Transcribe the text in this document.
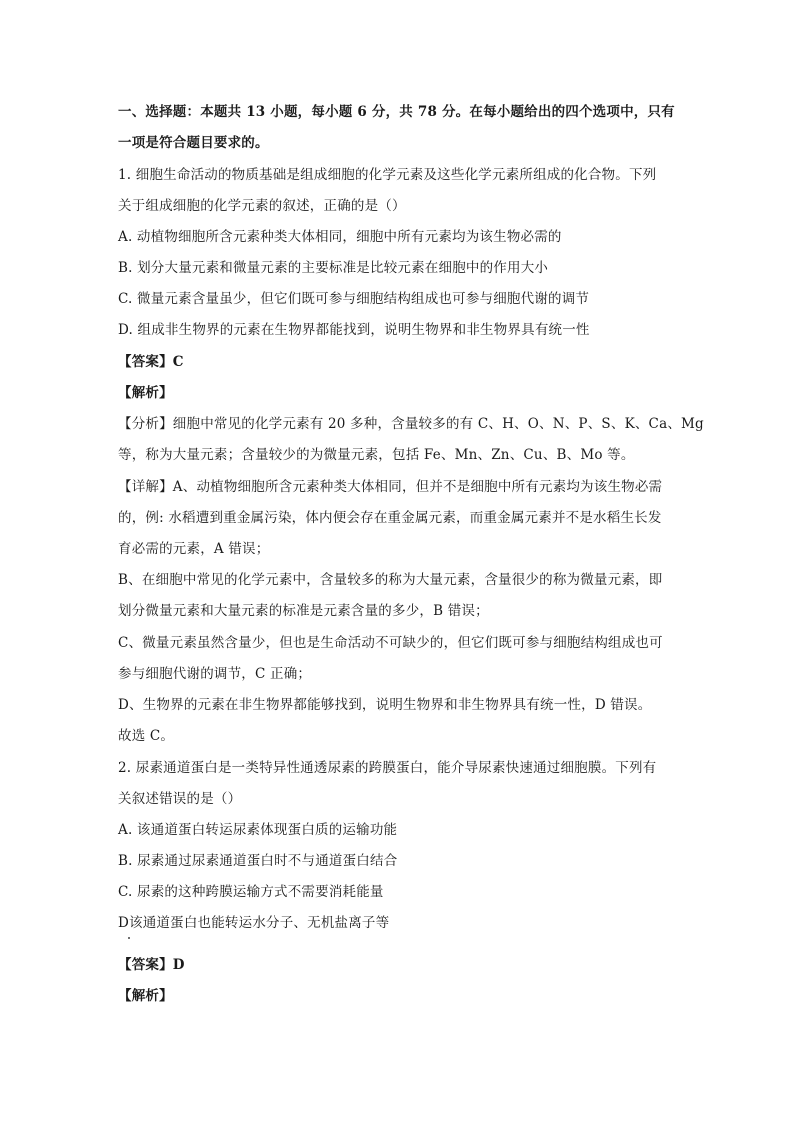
一、选择题：本题共 13 小题，每小题 6 分，共 78 分。在每小题给出的四个选项中，只有
一项是符合题目要求的。
1. 细胞生命活动的物质基础是组成细胞的化学元素及这些化学元素所组成的化合物。下列
关于组成细胞的化学元素的叙述，正确的是（）
A. 动植物细胞所含元素种类大体相同，细胞中所有元素均为该生物必需的
B. 划分大量元素和微量元素的主要标准是比较元素在细胞中的作用大小
C. 微量元素含量虽少，但它们既可参与细胞结构组成也可参与细胞代谢的调节
D. 组成非生物界的元素在生物界都能找到，说明生物界和非生物界具有统一性
【答案】C
【解析】
【分析】细胞中常见的化学元素有 20 多种，含量较多的有 C、H、O、N、P、S、K、Ca、Mg
等，称为大量元素；含量较少的为微量元素，包括 Fe、Mn、Zn、Cu、B、Mo 等。
【详解】A、动植物细胞所含元素种类大体相同，但并不是细胞中所有元素均为该生物必需
的，例: 水稻遭到重金属污染，体内便会存在重金属元素，而重金属元素并不是水稻生长发
育必需的元素，A 错误；
B、在细胞中常见的化学元素中，含量较多的称为大量元素，含量很少的称为微量元素，即
划分微量元素和大量元素的标准是元素含量的多少，B 错误；
C、微量元素虽然含量少，但也是生命活动不可缺少的，但它们既可参与细胞结构组成也可
参与细胞代谢的调节，C 正确；
D、生物界的元素在非生物界都能够找到，说明生物界和非生物界具有统一性，D 错误。
故选 C。
2. 尿素通道蛋白是一类特异性通透尿素的跨膜蛋白，能介导尿素快速通过细胞膜。下列有
关叙述错误的是（）
A. 该通道蛋白转运尿素体现蛋白质的运输功能
B. 尿素通过尿素通道蛋白时不与通道蛋白结合
C. 尿素的这种跨膜运输方式不需要消耗能量
D该通道蛋白也能转运水分子、无机盐离子等
【答案】D
【解析】
